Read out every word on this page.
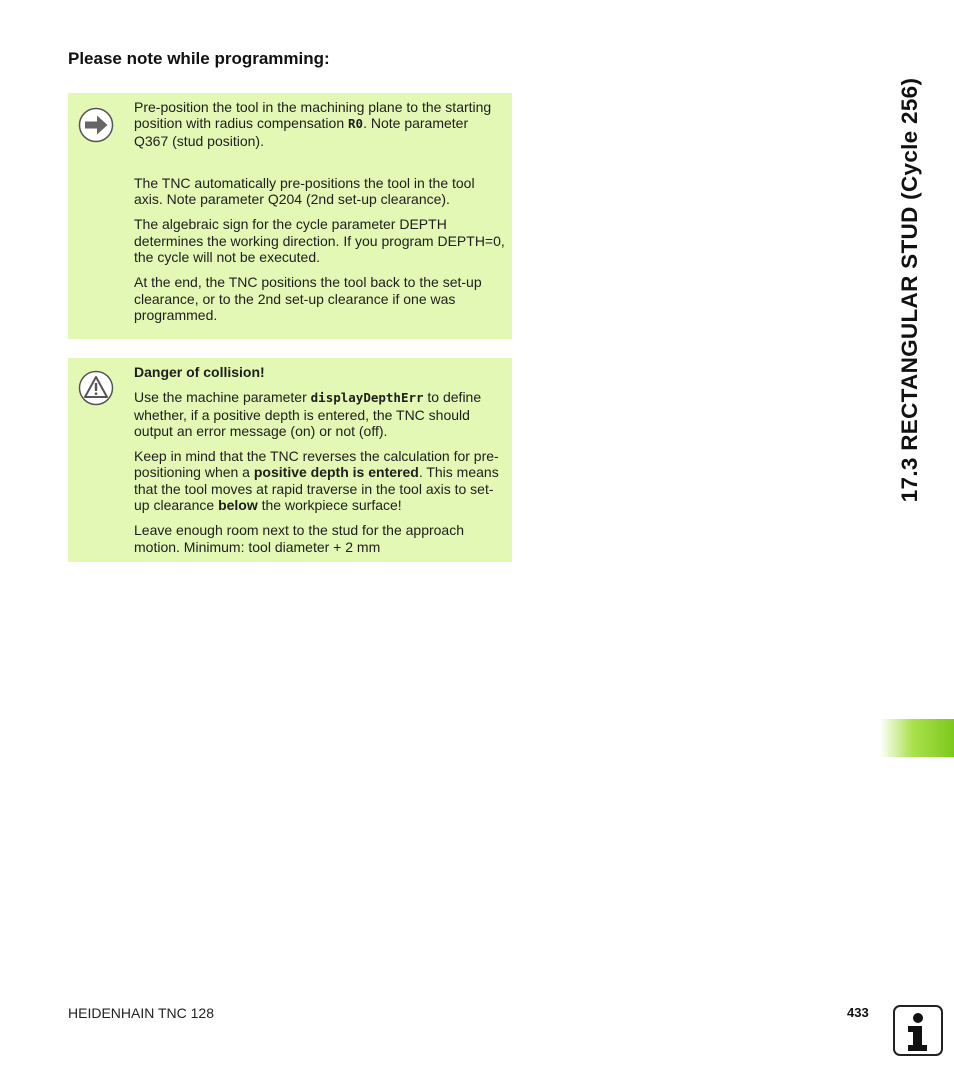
Please note while programming:

Pre-position the tool in the machining plane to the starting position with radius compensation R0. Note parameter Q367 (stud position).

The TNC automatically pre-positions the tool in the tool axis. Note parameter Q204 (2nd set-up clearance).

The algebraic sign for the cycle parameter DEPTH determines the working direction. If you program DEPTH=0, the cycle will not be executed.

At the end, the TNC positions the tool back to the set-up clearance, or to the 2nd set-up clearance if one was programmed.

Danger of collision!

Use the machine parameter displayDepthErr to define whether, if a positive depth is entered, the TNC should output an error message (on) or not (off).

Keep in mind that the TNC reverses the calculation for pre-positioning when a positive depth is entered. This means that the tool moves at rapid traverse in the tool axis to set-up clearance below the workpiece surface!

Leave enough room next to the stud for the approach motion. Minimum: tool diameter + 2 mm

17.3 RECTANGULAR STUD (Cycle 256)
HEIDENHAIN TNC 128	433
